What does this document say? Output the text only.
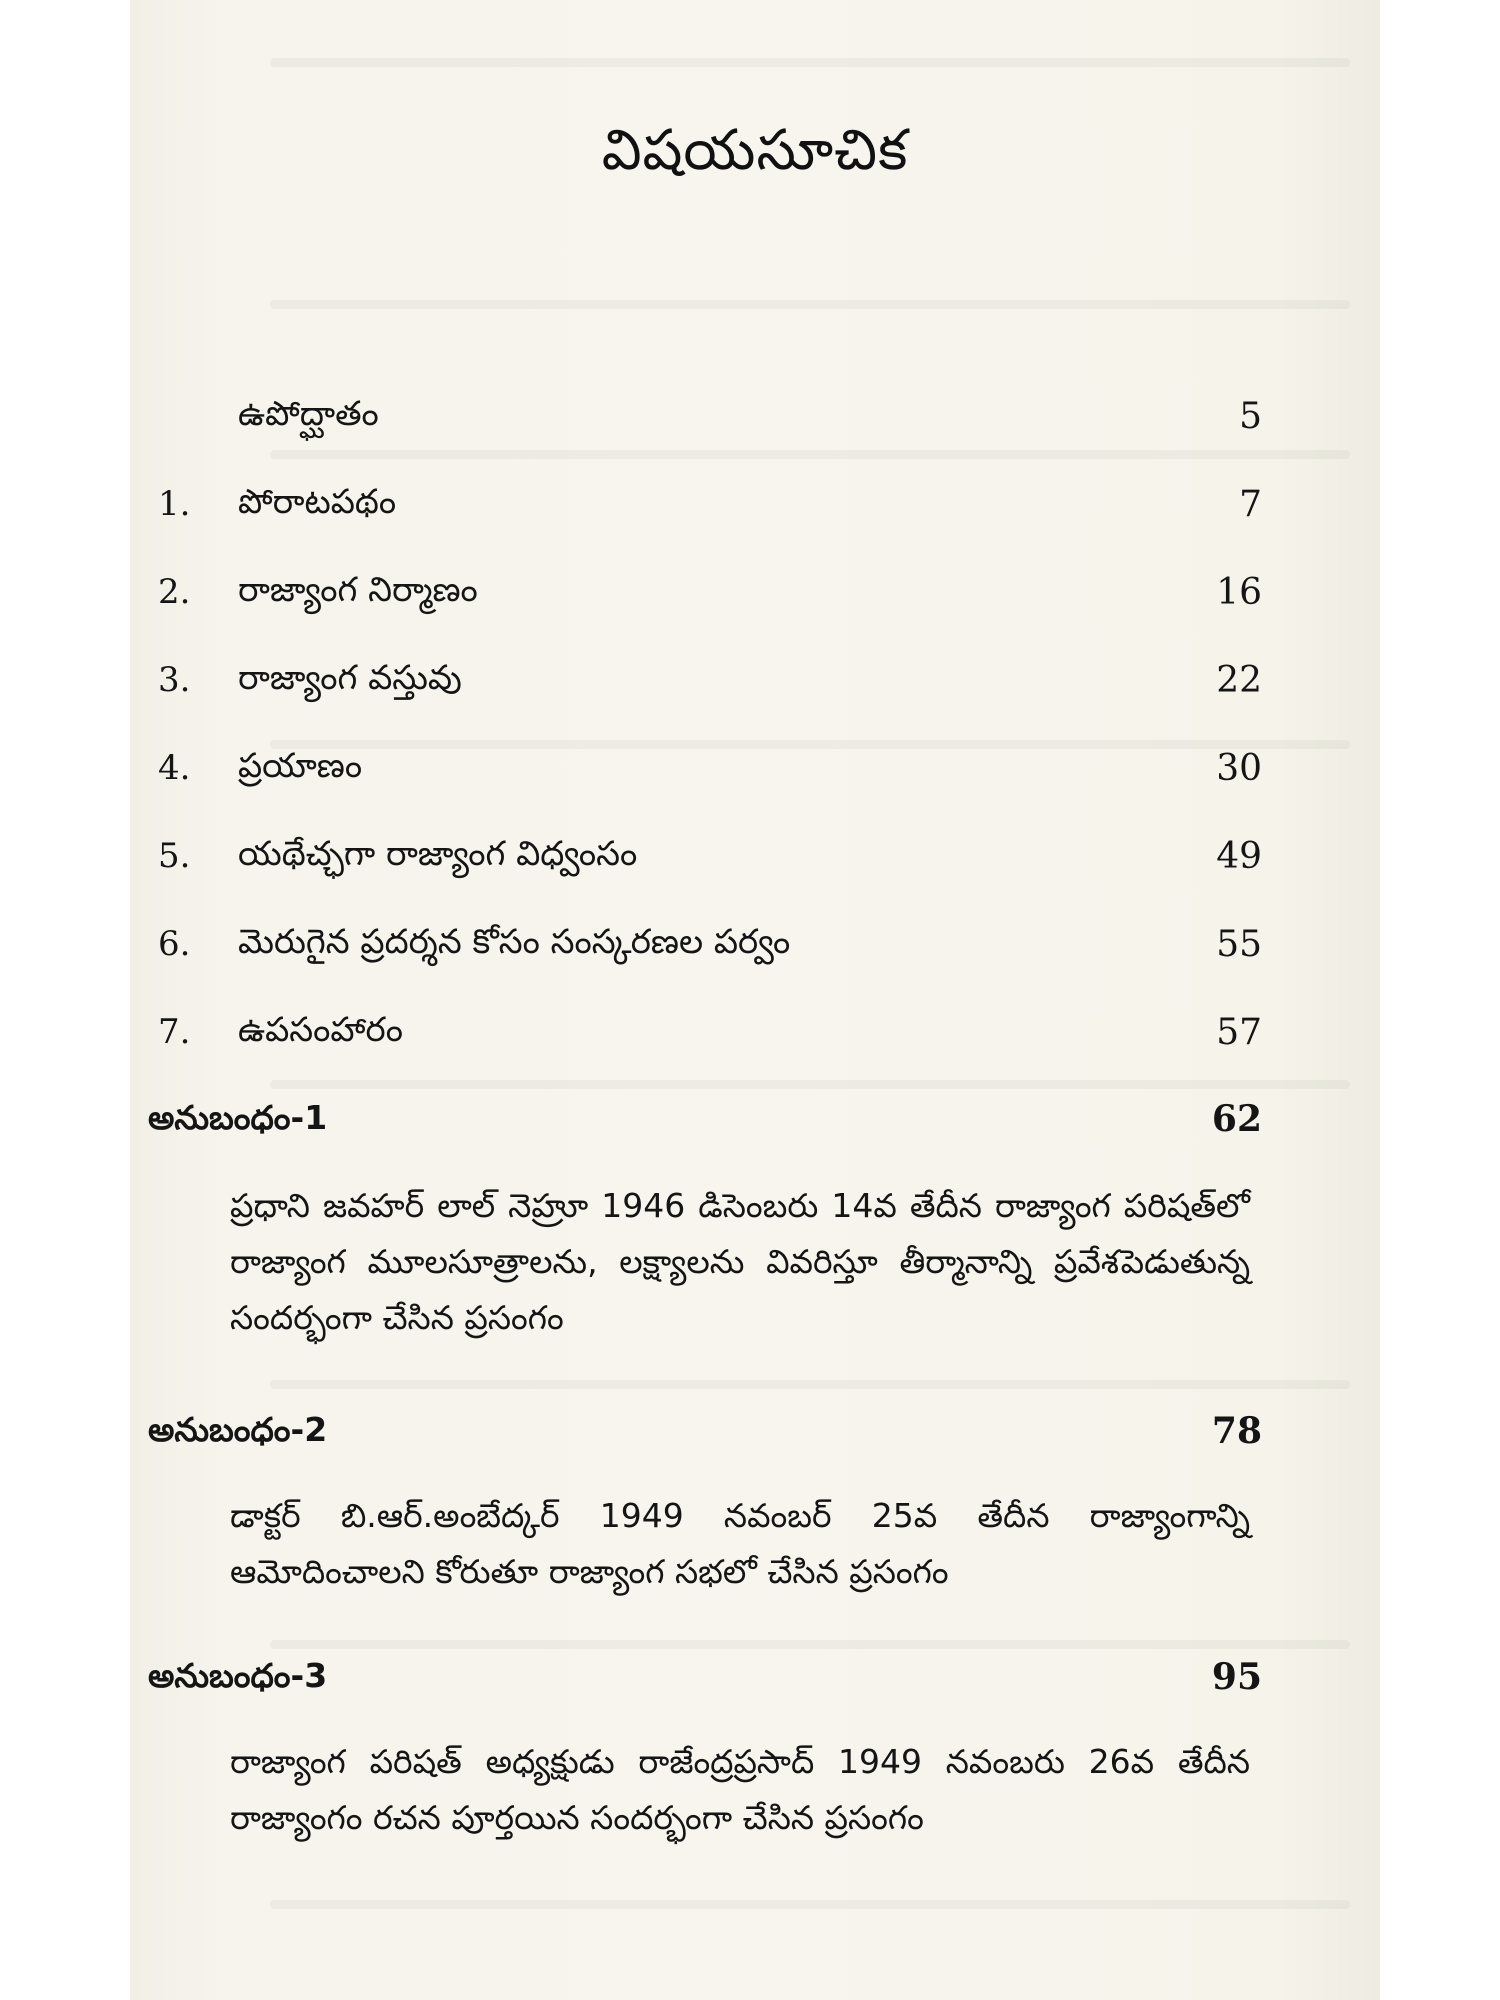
విషయసూచిక
ఉపోద్ఘాతం	5
1.	పోరాటపథం	7
2.	రాజ్యాంగ నిర్మాణం	16
3.	రాజ్యాంగ వస్తువు	22
4.	ప్రయాణం	30
5.	యథేచ్ఛగా రాజ్యాంగ విధ్వంసం	49
6.	మెరుగైన ప్రదర్శన కోసం సంస్కరణల పర్వం	55
7.	ఉపసంహారం	57
అనుబంధం-1	62
ప్రధాని జవహర్ లాల్ నెహ్రూ 1946 డిసెంబరు 14వ తేదీన రాజ్యాంగ పరిషత్‌లో రాజ్యాంగ మూలసూత్రాలను, లక్ష్యాలను వివరిస్తూ తీర్మానాన్ని ప్రవేశపెడుతున్న సందర్భంగా చేసిన ప్రసంగం
అనుబంధం-2	78
డాక్టర్ బి.ఆర్.అంబేద్కర్ 1949 నవంబర్ 25వ తేదీన రాజ్యాంగాన్ని ఆమోదించాలని కోరుతూ రాజ్యాంగ సభలో చేసిన ప్రసంగం
అనుబంధం-3	95
రాజ్యాంగ పరిషత్ అధ్యక్షుడు రాజేంద్రప్రసాద్ 1949 నవంబరు 26వ తేదీన రాజ్యాంగం రచన పూర్తయిన సందర్భంగా చేసిన ప్రసంగం
